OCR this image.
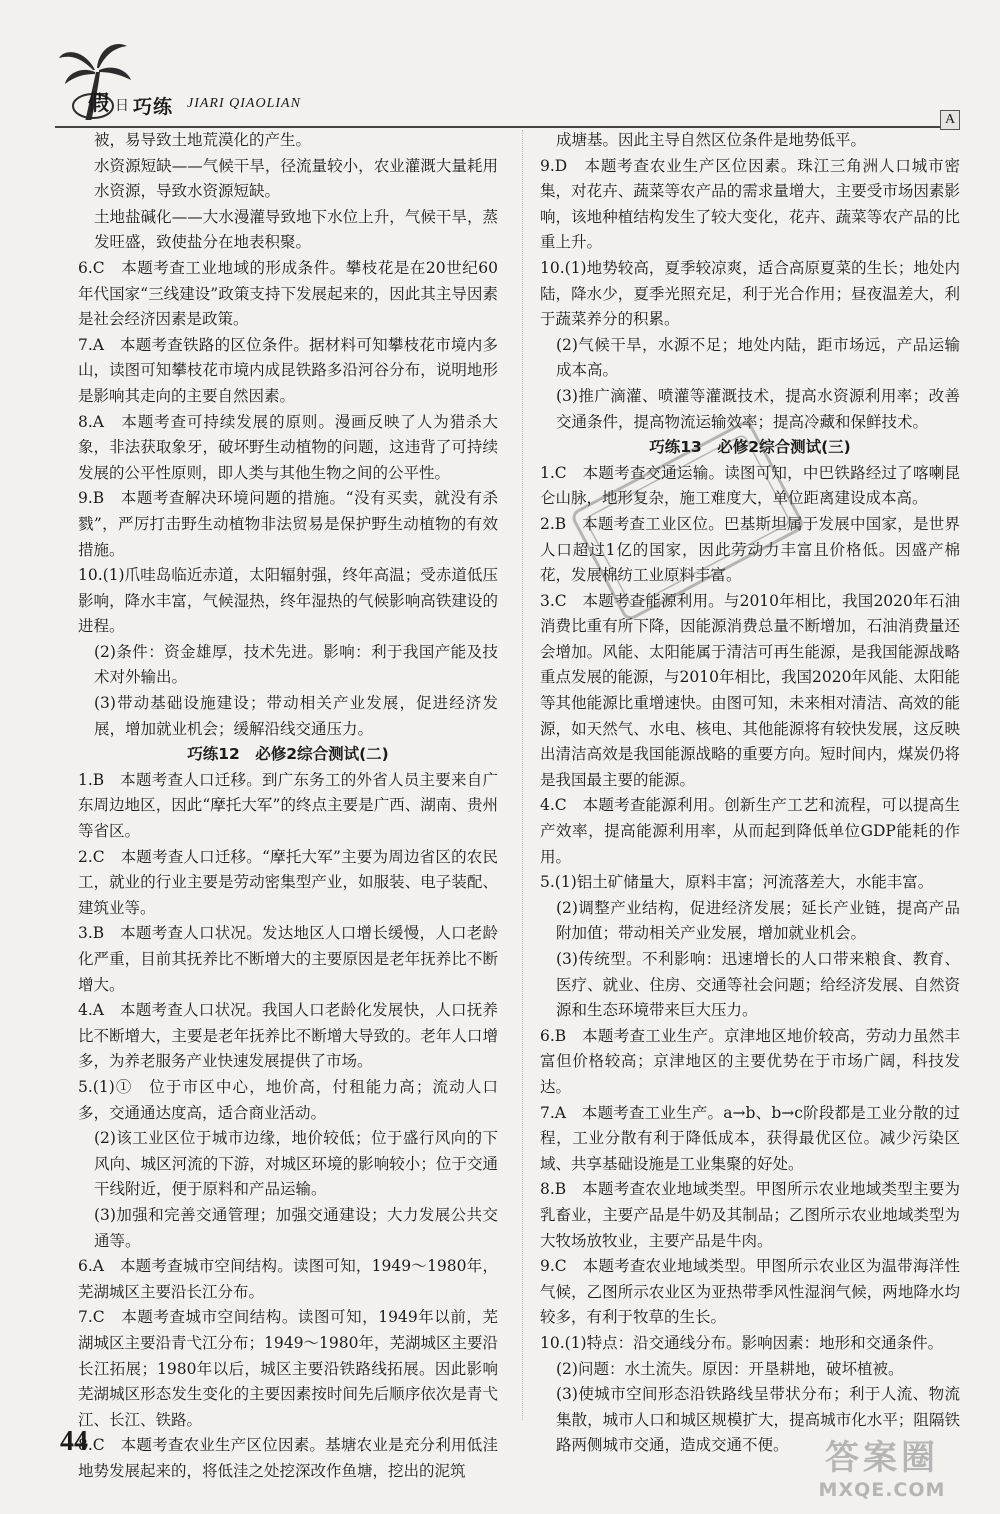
假 日 巧练 JIARI QIAOLIAN
A

被，易导致土地荒漠化的产生。

水资源短缺——气候干旱，径流量较小，农业灌溉大量耗用水资源，导致水资源短缺。

土地盐碱化——大水漫灌导致地下水位上升，气候干旱，蒸发旺盛，致使盐分在地表积聚。

6.C　本题考查工业地域的形成条件。攀枝花是在20世纪60年代国家“三线建设”政策支持下发展起来的，因此其主导因素是社会经济因素是政策。

7.A　本题考查铁路的区位条件。据材料可知攀枝花市境内多山，读图可知攀枝花市境内成昆铁路多沿河谷分布，说明地形是影响其走向的主要自然因素。

8.A　本题考查可持续发展的原则。漫画反映了人为猎杀大象，非法获取象牙，破坏野生动植物的问题，这违背了可持续发展的公平性原则，即人类与其他生物之间的公平性。

9.B　本题考查解决环境问题的措施。“没有买卖，就没有杀戮”，严厉打击野生动植物非法贸易是保护野生动植物的有效措施。

10.(1)爪哇岛临近赤道，太阳辐射强，终年高温；受赤道低压影响，降水丰富，气候湿热，终年湿热的气候影响高铁建设的进程。

(2)条件：资金雄厚，技术先进。影响：利于我国产能及技术对外输出。

(3)带动基础设施建设；带动相关产业发展，促进经济发展，增加就业机会；缓解沿线交通压力。

巧练12　必修2综合测试(二)

1.B　本题考查人口迁移。到广东务工的外省人员主要来自广东周边地区，因此“摩托大军”的终点主要是广西、湖南、贵州等省区。

2.C　本题考查人口迁移。“摩托大军”主要为周边省区的农民工，就业的行业主要是劳动密集型产业，如服装、电子装配、建筑业等。

3.B　本题考查人口状况。发达地区人口增长缓慢，人口老龄化严重，目前其抚养比不断增大的主要原因是老年抚养比不断增大。

4.A　本题考查人口状况。我国人口老龄化发展快，人口抚养比不断增大，主要是老年抚养比不断增大导致的。老年人口增多，为养老服务产业快速发展提供了市场。

5.(1)①　位于市区中心，地价高，付租能力高；流动人口多，交通通达度高，适合商业活动。

(2)该工业区位于城市边缘，地价较低；位于盛行风向的下风向、城区河流的下游，对城区环境的影响较小；位于交通干线附近，便于原料和产品运输。

(3)加强和完善交通管理；加强交通建设；大力发展公共交通等。

6.A　本题考查城市空间结构。读图可知，1949～1980年，芜湖城区主要沿长江分布。

7.C　本题考查城市空间结构。读图可知，1949年以前，芜湖城区主要沿青弋江分布；1949～1980年，芜湖城区主要沿长江拓展；1980年以后，城区主要沿铁路线拓展。因此影响芜湖城区形态发生变化的主要因素按时间先后顺序依次是青弋江、长江、铁路。

8.C　本题考查农业生产区位因素。基塘农业是充分利用低洼地势发展起来的，将低洼之处挖深改作鱼塘，挖出的泥筑

成塘基。因此主导自然区位条件是地势低平。

9.D　本题考查农业生产区位因素。珠江三角洲人口城市密集，对花卉、蔬菜等农产品的需求量增大，主要受市场因素影响，该地种植结构发生了较大变化，花卉、蔬菜等农产品的比重上升。

10.(1)地势较高，夏季较凉爽，适合高原夏菜的生长；地处内陆，降水少，夏季光照充足，利于光合作用；昼夜温差大，利于蔬菜养分的积累。

(2)气候干旱，水源不足；地处内陆，距市场远，产品运输成本高。

(3)推广滴灌、喷灌等灌溉技术，提高水资源利用率；改善交通条件，提高物流运输效率；提高冷藏和保鲜技术。

巧练13　必修2综合测试(三)

1.C　本题考查交通运输。读图可知，中巴铁路经过了喀喇昆仑山脉，地形复杂，施工难度大，单位距离建设成本高。

2.B　本题考查工业区位。巴基斯坦属于发展中国家，是世界人口超过1亿的国家，因此劳动力丰富且价格低。因盛产棉花，发展棉纺工业原料丰富。

3.C　本题考查能源利用。与2010年相比，我国2020年石油消费比重有所下降，因能源消费总量不断增加，石油消费量还会增加。风能、太阳能属于清洁可再生能源，是我国能源战略重点发展的能源，与2010年相比，我国2020年风能、太阳能等其他能源比重增速快。由图可知，未来相对清洁、高效的能源，如天然气、水电、核电、其他能源将有较快发展，这反映出清洁高效是我国能源战略的重要方向。短时间内，煤炭仍将是我国最主要的能源。

4.C　本题考查能源利用。创新生产工艺和流程，可以提高生产效率，提高能源利用率，从而起到降低单位GDP能耗的作用。

5.(1)铝土矿储量大，原料丰富；河流落差大，水能丰富。

(2)调整产业结构，促进经济发展；延长产业链，提高产品附加值；带动相关产业发展，增加就业机会。

(3)传统型。不利影响：迅速增长的人口带来粮食、教育、医疗、就业、住房、交通等社会问题；给经济发展、自然资源和生态环境带来巨大压力。

6.B　本题考查工业生产。京津地区地价较高，劳动力虽然丰富但价格较高；京津地区的主要优势在于市场广阔，科技发达。

7.A　本题考查工业生产。a→b、b→c阶段都是工业分散的过程，工业分散有利于降低成本，获得最优区位。减少污染区域、共享基础设施是工业集聚的好处。

8.B　本题考查农业地域类型。甲图所示农业地域类型主要为乳畜业，主要产品是牛奶及其制品；乙图所示农业地域类型为大牧场放牧业，主要产品是牛肉。

9.C　本题考查农业地域类型。甲图所示农业区为温带海洋性气候，乙图所示农业区为亚热带季风性湿润气候，两地降水均较多，有利于牧草的生长。

10.(1)特点：沿交通线分布。影响因素：地形和交通条件。

(2)问题：水土流失。原因：开垦耕地，破坏植被。

(3)使城市空间形态沿铁路线呈带状分布；利于人流、物流集散，城市人口和城区规模扩大，提高城市化水平；阻隔铁路两侧城市交通，造成交通不便。

44	答案圈
MXQE.COM
